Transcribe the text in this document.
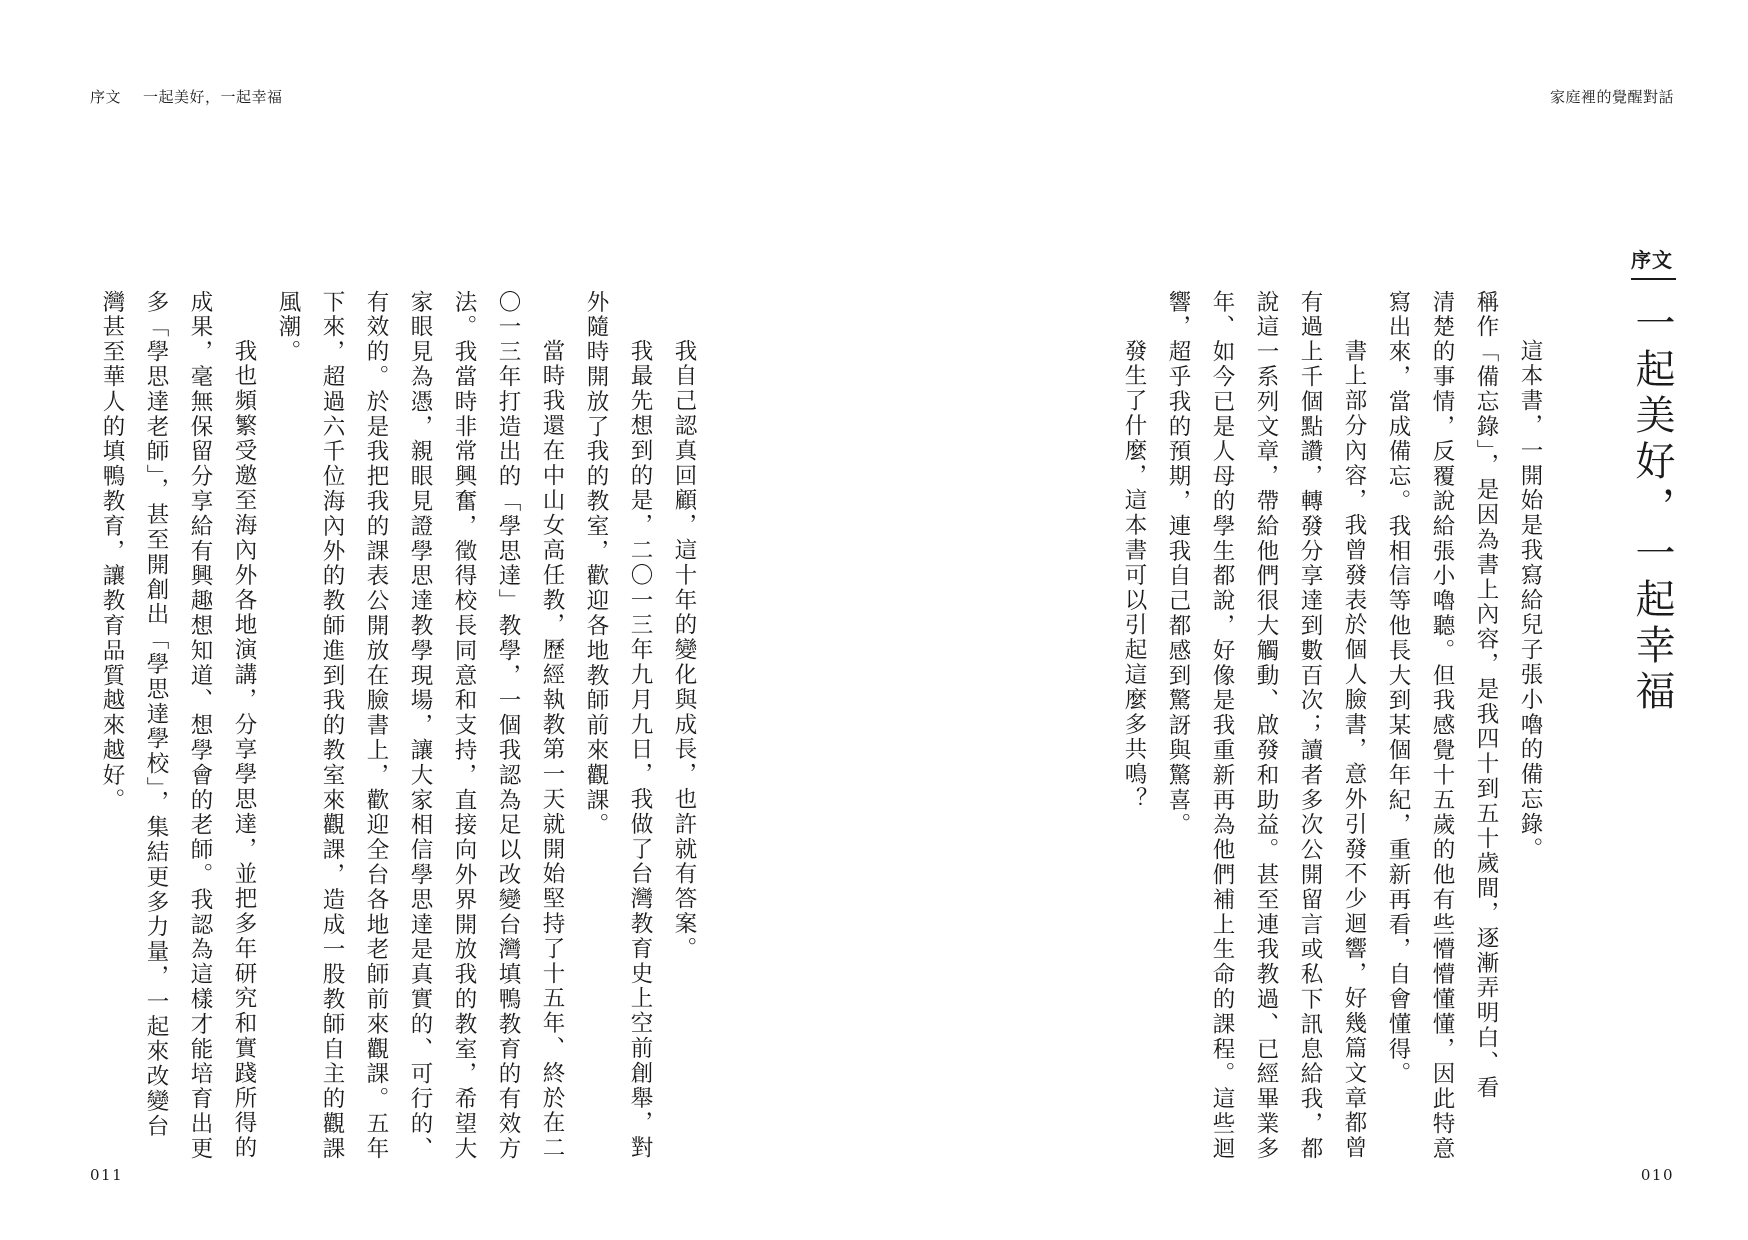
序文 一起美好，一起幸福	家庭裡的覺醒對話
序文
一起美好，一起幸福
這本書，一開始是我寫給兒子張小嚕的備忘錄。
稱作「備忘錄」，是因為書上內容，是我四十到五十歲間，逐漸弄明白、看
清楚的事情，反覆說給張小嚕聽。但我感覺十五歲的他有些懵懵懂懂，因此特意
寫出來，當成備忘。我相信等他長大到某個年紀，重新再看，自會懂得。
書上部分內容，我曾發表於個人臉書，意外引發不少迴響，好幾篇文章都曾
有過上千個點讚，轉發分享達到數百次；讀者多次公開留言或私下訊息給我，都
說這一系列文章，帶給他們很大觸動、啟發和助益。甚至連我教過、已經畢業多
年、如今已是人母的學生都說，好像是我重新再為他們補上生命的課程。這些迴
響，超乎我的預期，連我自己都感到驚訝與驚喜。
發生了什麼，這本書可以引起這麼多共鳴？
我自己認真回顧，這十年的變化與成長，也許就有答案。
我最先想到的是，二〇一三年九月九日，我做了台灣教育史上空前創舉，對
外隨時開放了我的教室，歡迎各地教師前來觀課。
當時我還在中山女高任教，歷經執教第一天就開始堅持了十五年、終於在二
〇一三年打造出的「學思達」教學，一個我認為足以改變台灣填鴨教育的有效方
法。我當時非常興奮，徵得校長同意和支持，直接向外界開放我的教室，希望大
家眼見為憑，親眼見證學思達教學現場，讓大家相信學思達是真實的、可行的、
有效的。於是我把我的課表公開放在臉書上，歡迎全台各地老師前來觀課。五年
下來，超過六千位海內外的教師進到我的教室來觀課，造成一股教師自主的觀課
風潮。
我也頻繁受邀至海內外各地演講，分享學思達，並把多年研究和實踐所得的
成果，毫無保留分享給有興趣想知道、想學會的老師。我認為這樣才能培育出更
多「學思達老師」，甚至開創出「學思達學校」，集結更多力量，一起來改變台
灣甚至華人的填鴨教育，讓教育品質越來越好。
011	010
